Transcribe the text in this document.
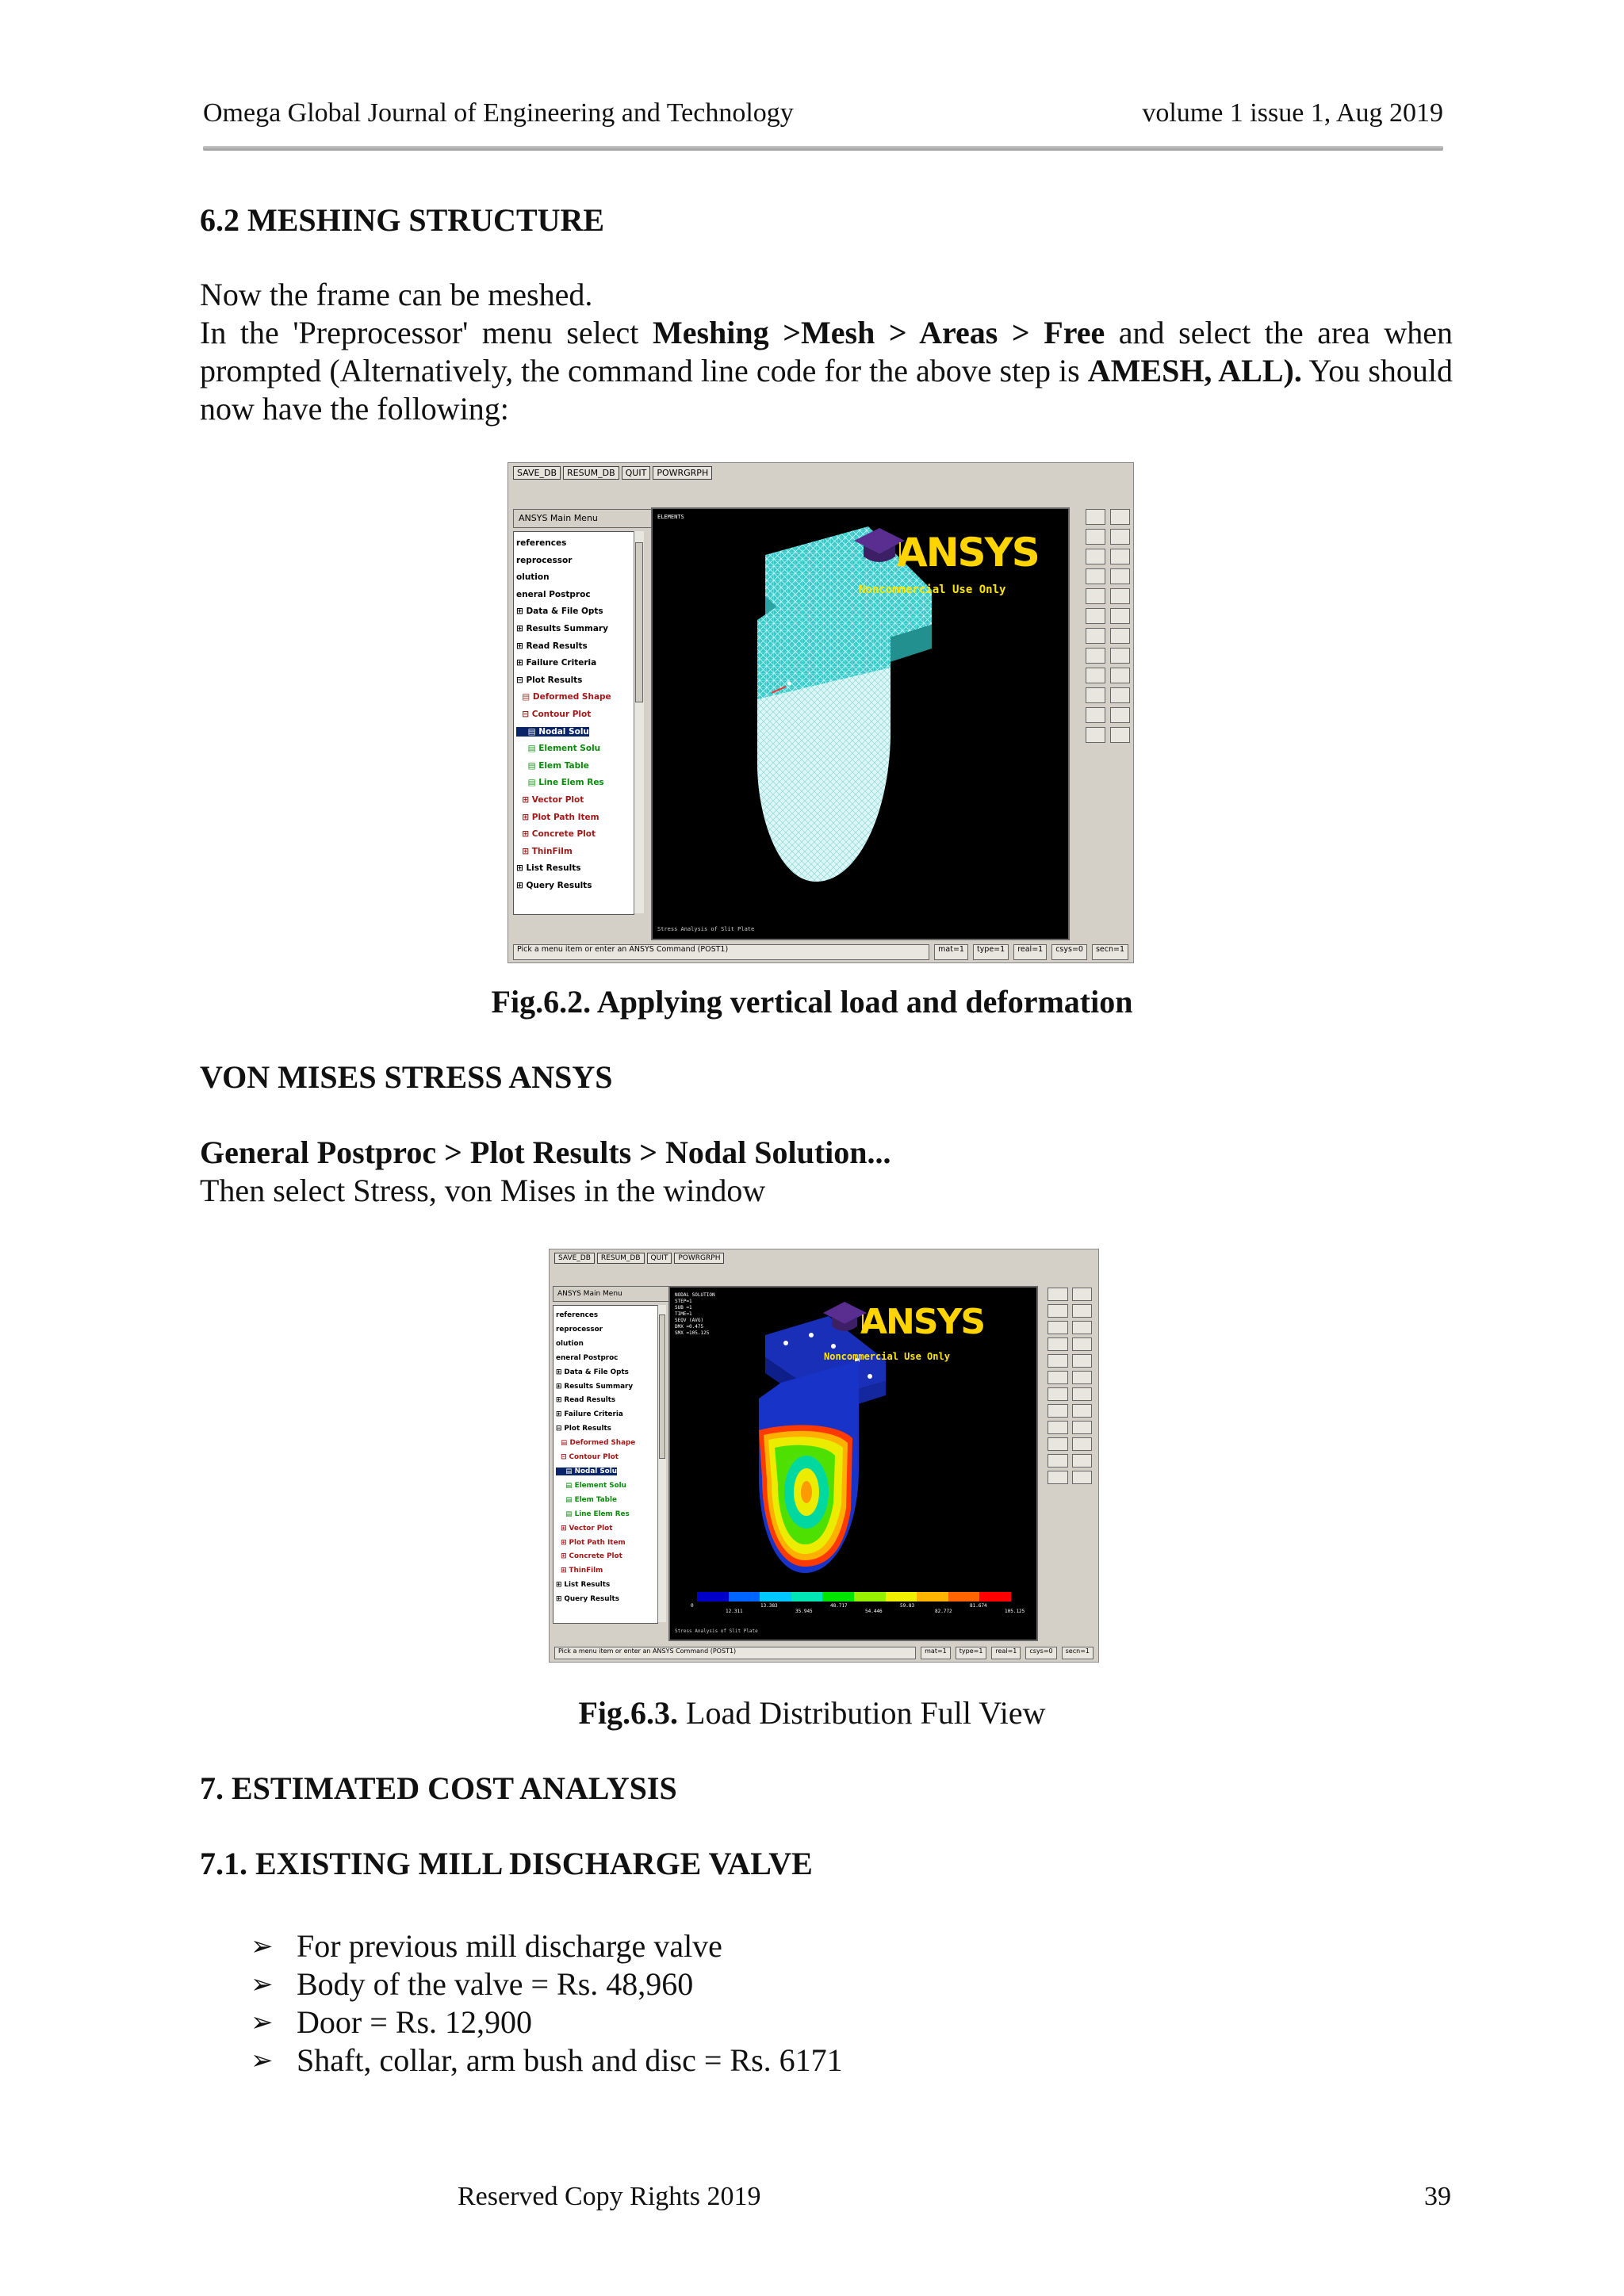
Omega Global Journal of Engineering and Technology	volume 1 issue 1, Aug 2019
6.2 MESHING STRUCTURE
Now the frame can be meshed.
In the 'Preprocessor' menu select Meshing >Mesh > Areas > Free and select the area when prompted (Alternatively, the command line code for the above step is AMESH, ALL). You should now have the following:
SAVE_DB	RESUM_DB	QUIT	POWRGRPH
ANSYS Main Menu
references
reprocessor
olution
eneral Postproc
⊞ Data & File Opts
⊞ Results Summary
⊞ Read Results
⊞ Failure Criteria
⊟ Plot Results
▤ Deformed Shape
⊟ Contour Plot
▤ Nodal Solu
▤ Element Solu
▤ Elem Table
▤ Line Elem Res
⊞ Vector Plot
⊞ Plot Path Item
⊞ Concrete Plot
⊞ ThinFilm
⊞ List Results
⊞ Query Results
ELEMENTS
ANSYS
Noncommercial Use Only
Stress Analysis of Slit Plate
Pick a menu item or enter an ANSYS Command (POST1)	mat=1	type=1	real=1	csys=0	secn=1
Fig.6.2. Applying vertical load and deformation
VON MISES STRESS ANSYS
General Postproc > Plot Results > Nodal Solution...
Then select Stress, von Mises in the window
SAVE_DB	RESUM_DB	QUIT	POWRGRPH
ANSYS Main Menu
references
reprocessor
olution
eneral Postproc
⊞ Data & File Opts
⊞ Results Summary
⊞ Read Results
⊞ Failure Criteria
⊟ Plot Results
▤ Deformed Shape
⊟ Contour Plot
▤ Nodal Solu
▤ Element Solu
▤ Elem Table
▤ Line Elem Res
⊞ Vector Plot
⊞ Plot Path Item
⊞ Concrete Plot
⊞ ThinFilm
⊞ List Results
⊞ Query Results
NODAL SOLUTION
STEP=1
SUB =1
TIME=1
SEQV (AVG)
DMX =0.475
SMX =105.125	ANSYS
Noncommercial Use Only
0
12.311
13.383
35.945
48.717
54.446
59.83
82.772
81.674
105.125
Stress Analysis of Slit Plate
Pick a menu item or enter an ANSYS Command (POST1)	mat=1	type=1	real=1	csys=0	secn=1
Fig.6.3. Load Distribution Full View
7. ESTIMATED COST ANALYSIS
7.1. EXISTING MILL DISCHARGE VALVE
➢ For previous mill discharge valve
➢ Body of the valve = Rs. 48,960
➢ Door = Rs. 12,900
➢ Shaft, collar, arm bush and disc = Rs. 6171
Reserved Copy Rights 2019	39
